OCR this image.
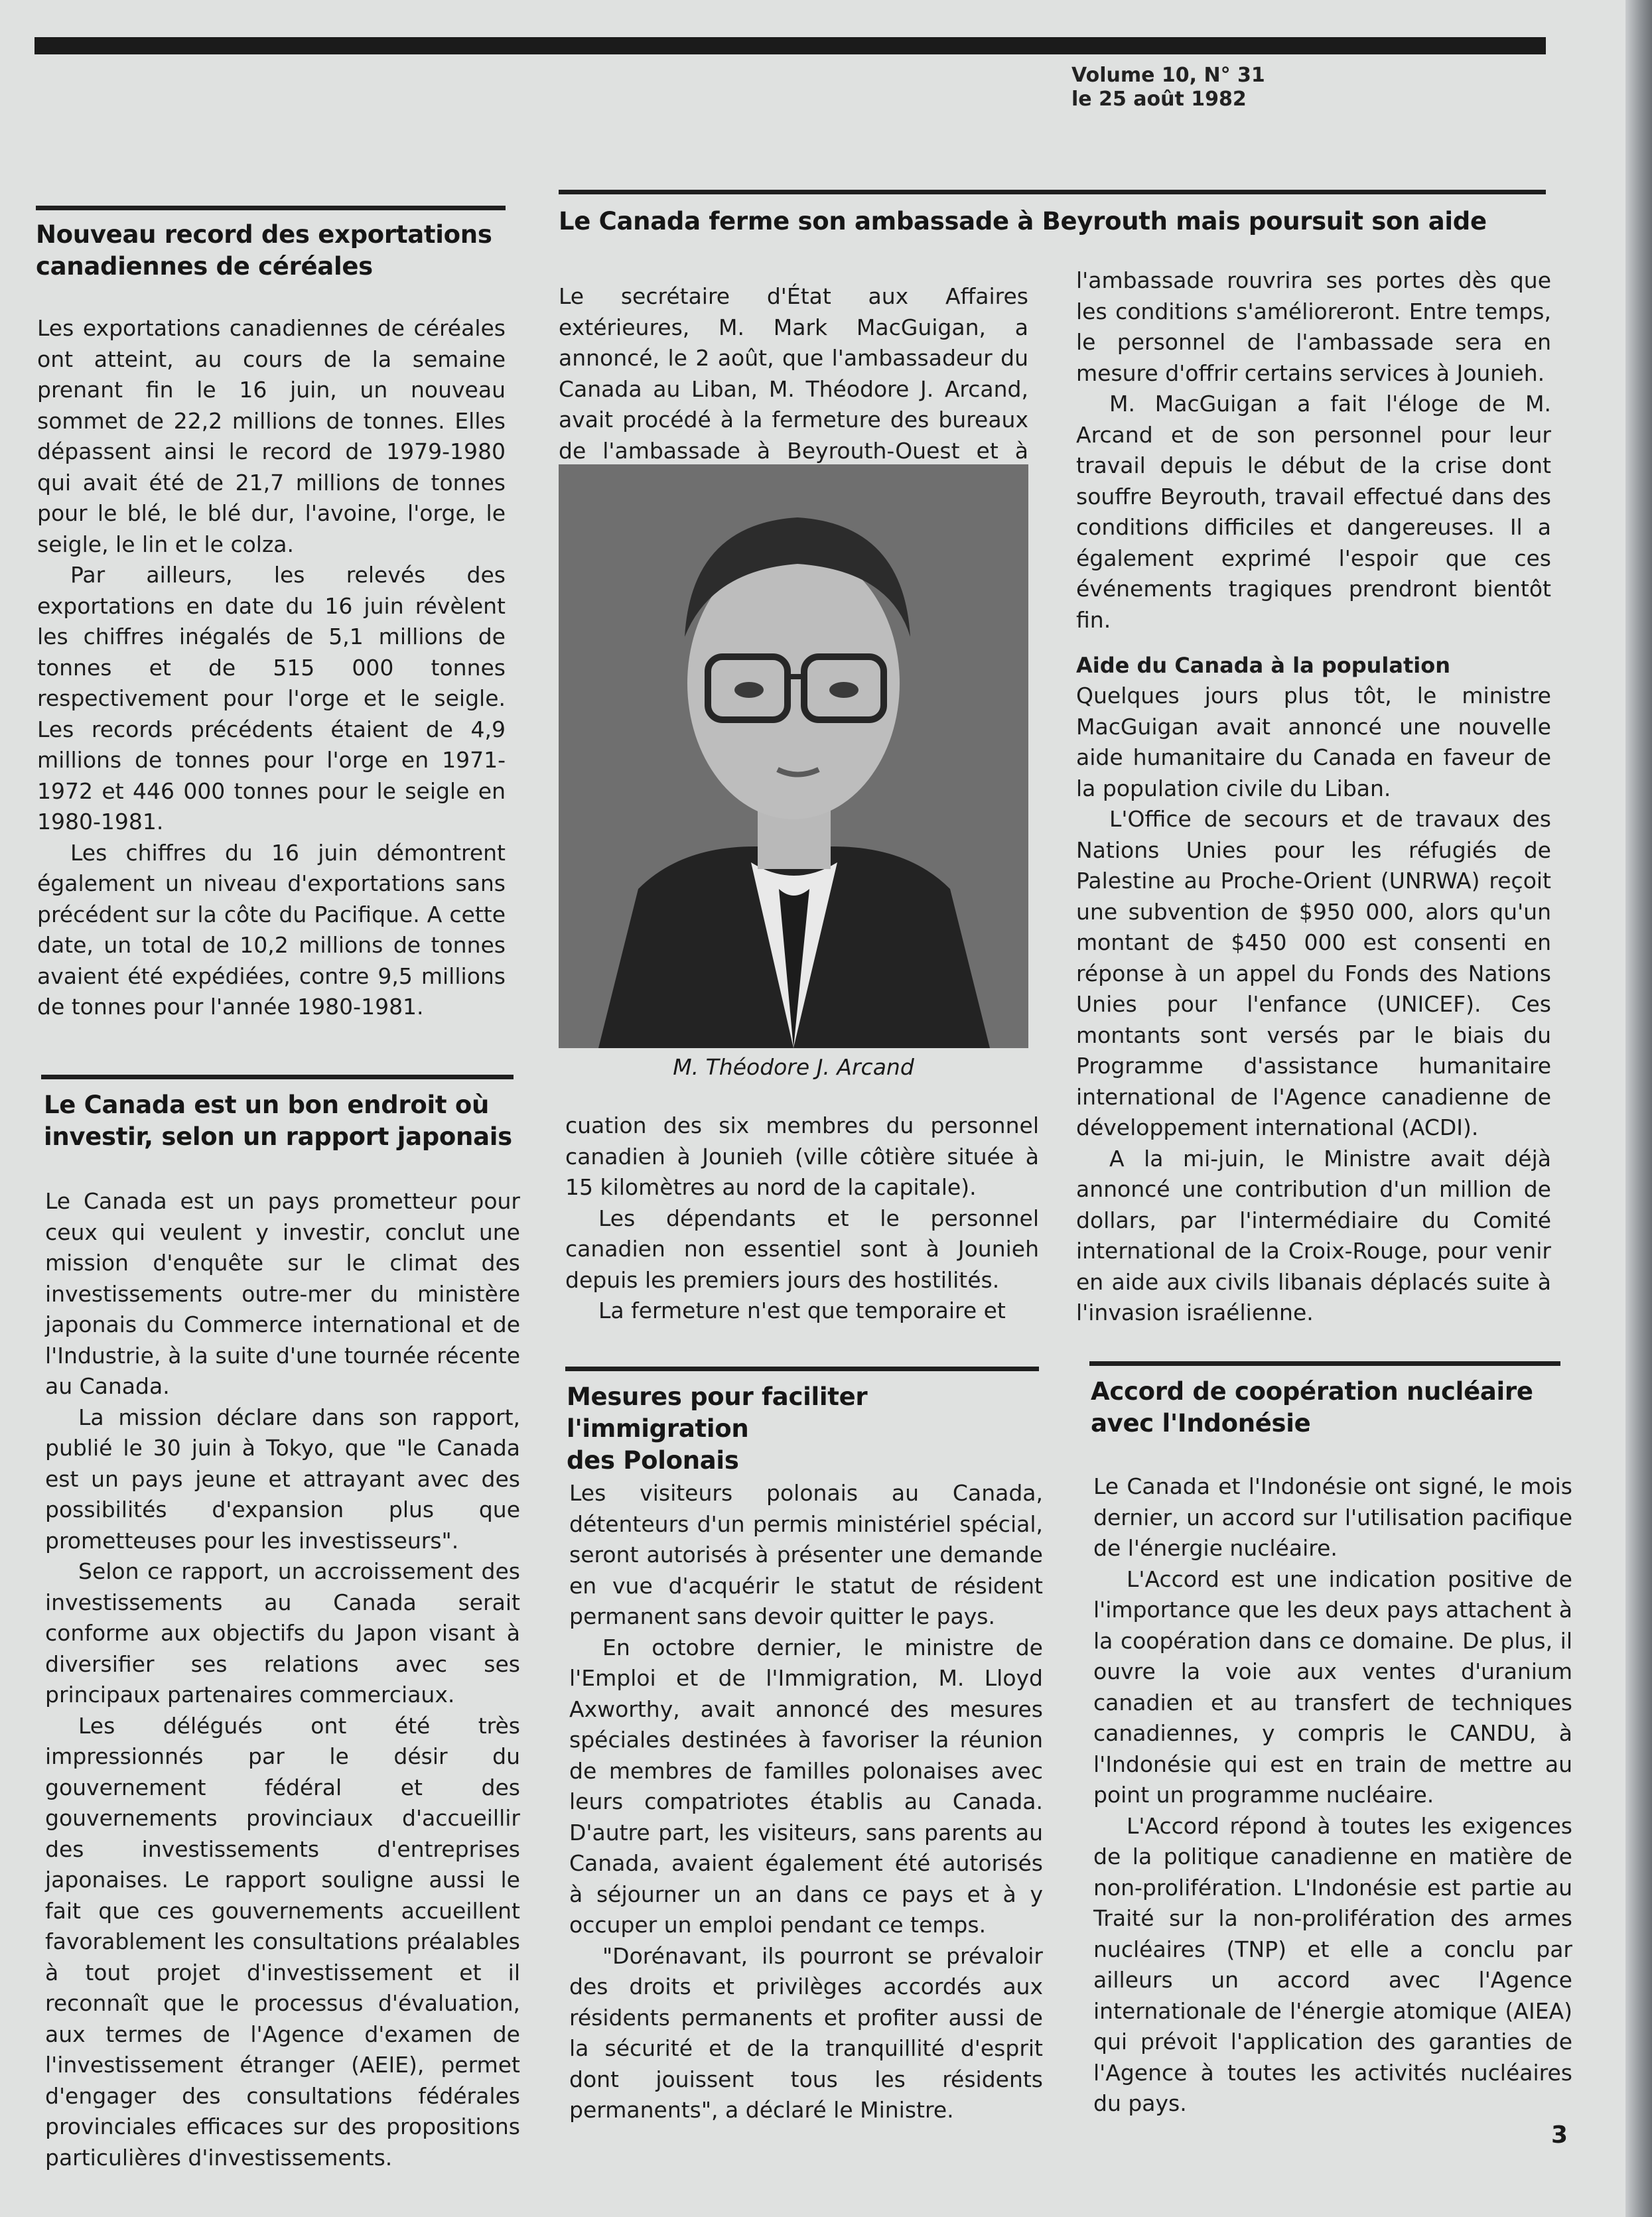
Volume 10, N° 31
le 25 août 1982
Nouveau record des exportations
canadiennes de céréales

Les exportations canadiennes de céréales ont atteint, au cours de la semaine prenant fin le 16 juin, un nouveau sommet de 22,2 millions de tonnes. Elles dépassent ainsi le record de 1979-1980 qui avait été de 21,7 millions de tonnes pour le blé, le blé dur, l'avoine, l'orge, le seigle, le lin et le colza.

Par ailleurs, les relevés des exportations en date du 16 juin révèlent les chiffres inégalés de 5,1 millions de tonnes et de 515 000 tonnes respectivement pour l'orge et le seigle. Les records précédents étaient de 4,9 millions de tonnes pour l'orge en 1971-1972 et 446 000 tonnes pour le seigle en 1980-1981.

Les chiffres du 16 juin démontrent également un niveau d'exportations sans précédent sur la côte du Pacifique. A cette date, un total de 10,2 millions de tonnes avaient été expédiées, contre 9,5 millions de tonnes pour l'année 1980-1981.

Le Canada est un bon endroit où
investir, selon un rapport japonais

Le Canada est un pays prometteur pour ceux qui veulent y investir, conclut une mission d'enquête sur le climat des investissements outre-mer du ministère japonais du Commerce international et de l'Industrie, à la suite d'une tournée récente au Canada.

La mission déclare dans son rapport, publié le 30 juin à Tokyo, que "le Canada est un pays jeune et attrayant avec des possibilités d'expansion plus que prometteuses pour les investisseurs".

Selon ce rapport, un accroissement des investissements au Canada serait conforme aux objectifs du Japon visant à diversifier ses relations avec ses principaux partenaires commerciaux.

Les délégués ont été très impressionnés par le désir du gouvernement fédéral et des gouvernements provinciaux d'accueillir des investissements d'entreprises japonaises. Le rapport souligne aussi le fait que ces gouvernements accueillent favorablement les consultations préalables à tout projet d'investissement et il reconnaît que le processus d'évaluation, aux termes de l'Agence d'examen de l'investissement étranger (AEIE), permet d'engager des consultations fédérales provinciales efficaces sur des propositions particulières d'investissements.

Le Canada ferme son ambassade à Beyrouth mais poursuit son aide

Le secrétaire d'État aux Affaires extérieures, M. Mark MacGuigan, a annoncé, le 2 août, que l'ambassadeur du Canada au Liban, M. Théodore J. Arcand, avait procédé à la fermeture des bureaux de l'ambassade à Beyrouth-Ouest et à

M. Théodore J. Arcand

cuation des six membres du personnel canadien à Jounieh (ville côtière située à 15 kilomètres au nord de la capitale).

Les dépendants et le personnel canadien non essentiel sont à Jounieh depuis les premiers jours des hostilités.

La fermeture n'est que temporaire et

l'ambassade rouvrira ses portes dès que les conditions s'amélioreront. Entre temps, le personnel de l'ambassade sera en mesure d'offrir certains services à Jounieh.

M. MacGuigan a fait l'éloge de M. Arcand et de son personnel pour leur travail depuis le début de la crise dont souffre Beyrouth, travail effectué dans des conditions difficiles et dangereuses. Il a également exprimé l'espoir que ces événements tragiques prendront bientôt fin.

Aide du Canada à la population

Quelques jours plus tôt, le ministre MacGuigan avait annoncé une nouvelle aide humanitaire du Canada en faveur de la population civile du Liban.

L'Office de secours et de travaux des Nations Unies pour les réfugiés de Palestine au Proche-Orient (UNRWA) reçoit une subvention de $950 000, alors qu'un montant de $450 000 est consenti en réponse à un appel du Fonds des Nations Unies pour l'enfance (UNICEF). Ces montants sont versés par le biais du Programme d'assistance humanitaire international de l'Agence canadienne de développement international (ACDI).

A la mi-juin, le Ministre avait déjà annoncé une contribution d'un million de dollars, par l'intermédiaire du Comité international de la Croix-Rouge, pour venir en aide aux civils libanais déplacés suite à l'invasion israélienne.

Mesures pour faciliter l'immigration
des Polonais

Les visiteurs polonais au Canada, détenteurs d'un permis ministériel spécial, seront autorisés à présenter une demande en vue d'acquérir le statut de résident permanent sans devoir quitter le pays.

En octobre dernier, le ministre de l'Emploi et de l'Immigration, M. Lloyd Axworthy, avait annoncé des mesures spéciales destinées à favoriser la réunion de membres de familles polonaises avec leurs compatriotes établis au Canada. D'autre part, les visiteurs, sans parents au Canada, avaient également été autorisés à séjourner un an dans ce pays et à y occuper un emploi pendant ce temps.

"Dorénavant, ils pourront se prévaloir des droits et privilèges accordés aux résidents permanents et profiter aussi de la sécurité et de la tranquillité d'esprit dont jouissent tous les résidents permanents", a déclaré le Ministre.

Accord de coopération nucléaire
avec l'Indonésie

Le Canada et l'Indonésie ont signé, le mois dernier, un accord sur l'utilisation pacifique de l'énergie nucléaire.

L'Accord est une indication positive de l'importance que les deux pays attachent à la coopération dans ce domaine. De plus, il ouvre la voie aux ventes d'uranium canadien et au transfert de techniques canadiennes, y compris le CANDU, à l'Indonésie qui est en train de mettre au point un programme nucléaire.

L'Accord répond à toutes les exigences de la politique canadienne en matière de non-prolifération. L'Indonésie est partie au Traité sur la non-prolifération des armes nucléaires (TNP) et elle a conclu par ailleurs un accord avec l'Agence internationale de l'énergie atomique (AIEA) qui prévoit l'application des garanties de l'Agence à toutes les activités nucléaires du pays.

3
